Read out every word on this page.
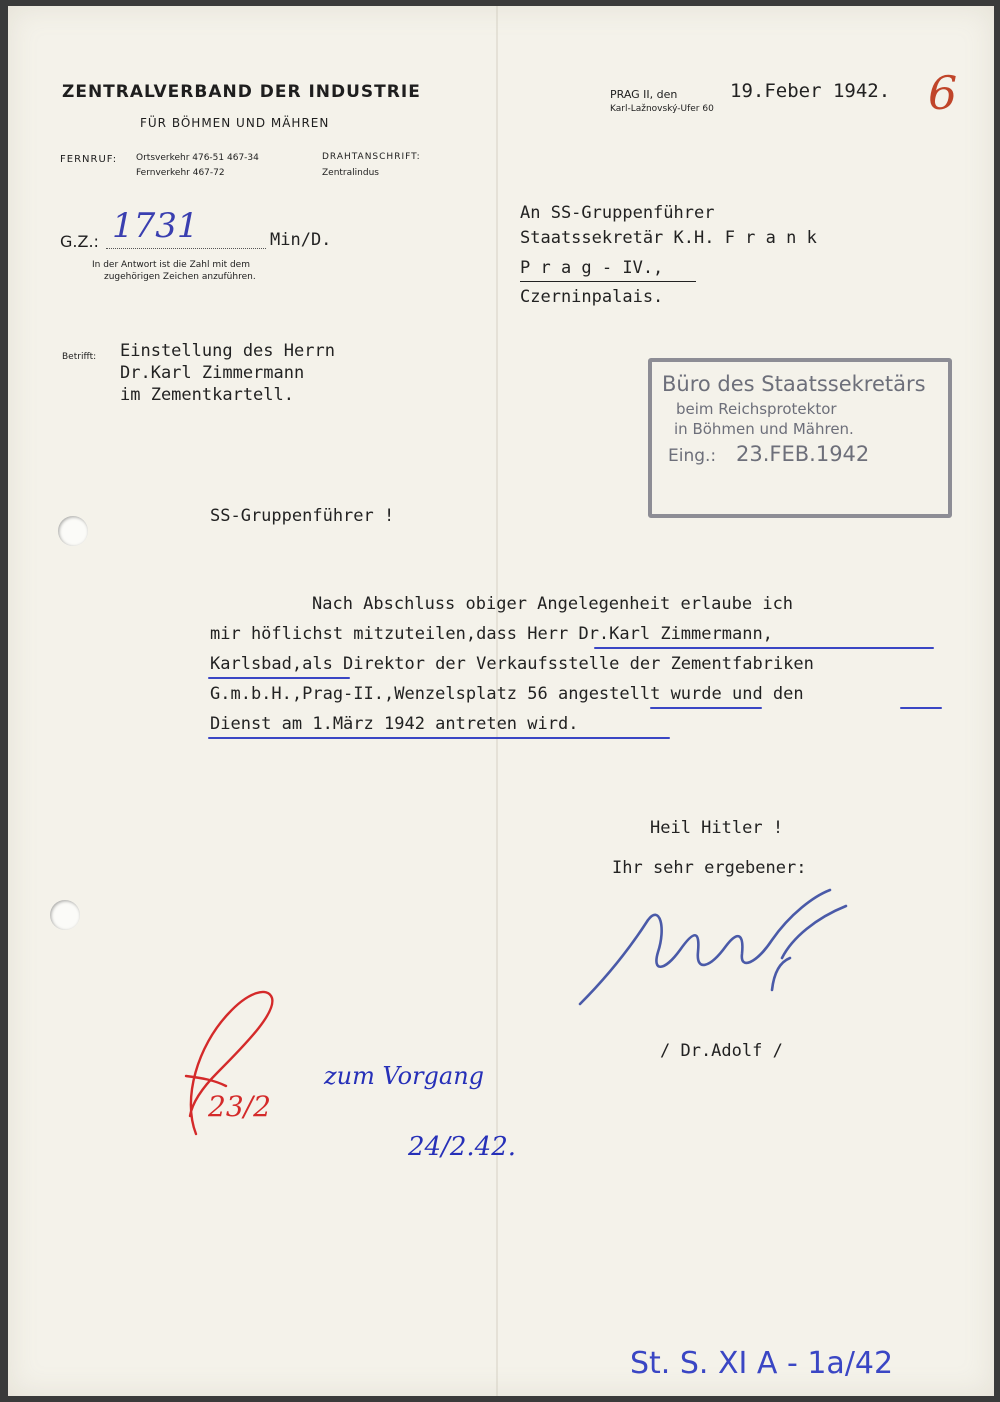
ZENTRALVERBAND DER INDUSTRIE
FÜR BÖHMEN UND MÄHREN
FERNRUF: Ortsverkehr 476-51 467-34
Fernverkehr 467-72
DRAHTANSCHRIFT:
Zentralindus
PRAG II, den
Karl-Lažnovský-Ufer 60
19.Feber 1942. 6
G.Z.: 1731	Min/D.
In der Antwort ist die Zahl mit dem
zugehörigen Zeichen anzuführen.
An SS-Gruppenführer
Staatssekretär K.H. F r a n k
P r a g - IV.,
Czerninpalais.
Betrifft: Einstellung des Herrn
Dr.Karl Zimmermann
im Zementkartell.	Büro des Staatssekretärs
beim Reichsprotektor
in Böhmen und Mähren.
Eing.: 23.FEB.1942
SS-Gruppenführer !
Nach Abschluss obiger Angelegenheit erlaube ich
mir höflichst mitzuteilen,dass Herr Dr.Karl Zimmermann,
Karlsbad,als Direktor der Verkaufsstelle der Zementfabriken
G.m.b.H.,Prag-II.,Wenzelsplatz 56 angestellt wurde und den
Dienst am 1.März 1942 antreten wird.
Heil Hitler !
Ihr sehr ergebener:
/ Dr.Adolf /
23/2
zum Vorgang
24/2.42.
St. S. XI A - 1a/42
